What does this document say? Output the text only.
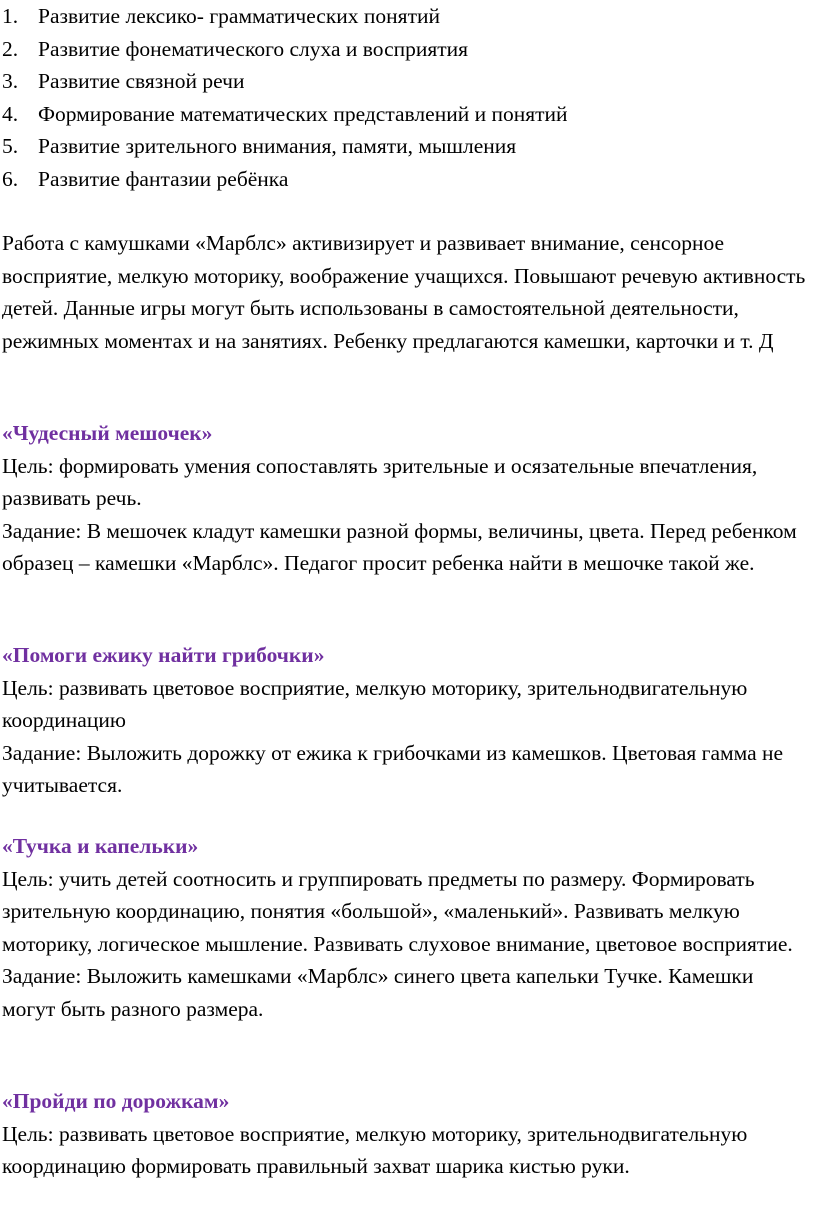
1. Развитие лексико- грамматических понятий
2. Развитие фонематического слуха и восприятия
3. Развитие связной речи
4. Формирование математических представлений и понятий
5. Развитие зрительного внимания, памяти, мышления
6. Развитие фантазии ребёнка

Работа с камушками «Марблс» активизирует и развивает внимание, сенсорное восприятие, мелкую моторику, воображение учащихся. Повышают речевую активность детей. Данные игры могут быть использованы в самостоятельной деятельности, режимных моментах и на занятиях. Ребенку предлагаются камешки, карточки и т. Д

«Чудесный мешочек»

Цель: формировать умения сопоставлять зрительные и осязательные впечатления, развивать речь.

Задание: В мешочек кладут камешки разной формы, величины, цвета. Перед ребенком образец – камешки «Марблс». Педагог просит ребенка найти в мешочке такой же.

«Помоги ежику найти грибочки»

Цель: развивать цветовое восприятие, мелкую моторику, зрительнодвигательную координацию

Задание: Выложить дорожку от ежика к грибочками из камешков. Цветовая гамма не учитывается.

«Тучка и капельки»

Цель: учить детей соотносить и группировать предметы по размеру. Формировать зрительную координацию, понятия «большой», «маленький». Развивать мелкую моторику, логическое мышление. Развивать слуховое внимание, цветовое восприятие.

Задание: Выложить камешками «Марблс» синего цвета капельки Тучке. Камешки могут быть разного размера.

«Пройди по дорожкам»

Цель: развивать цветовое восприятие, мелкую моторику, зрительнодвигательную координацию формировать правильный захват шарика кистью руки.
